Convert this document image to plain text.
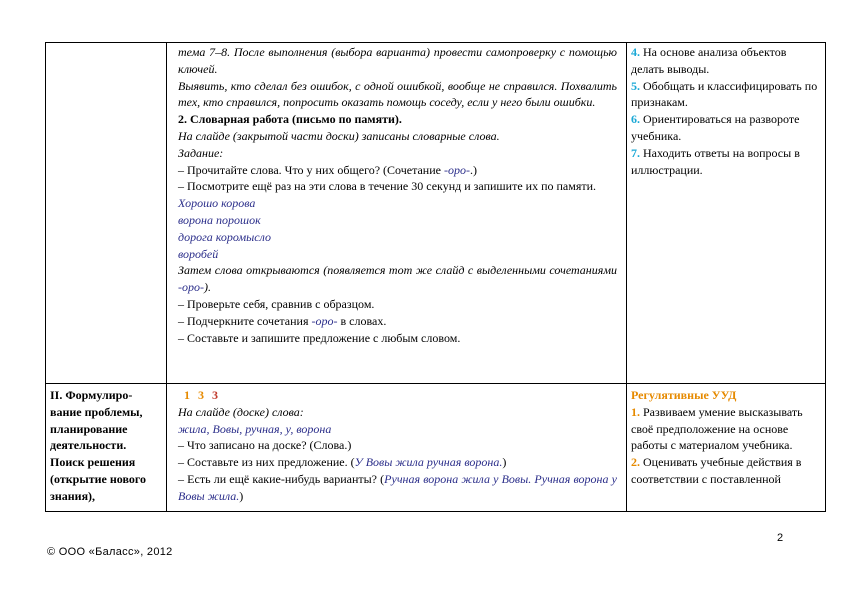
тема 7–8. После выполнения (выбора варианта) провести самопроверку с помощью ключей.

Выявить, кто сделал без ошибок, с одной ошибкой, вообще не справился. Похвалить тех, кто справился, попросить оказать помощь соседу, если у него были ошибки.

2. Словарная работа (письмо по памяти).

На слайде (закрытой части доски) записаны словарные слова.

Задание:

– Прочитайте слова. Что у них общего? (Сочетание -оро-.)

– Посмотрите ещё раз на эти слова в течение 30 секунд и запишите их по памяти.

Хорошо корова

ворона порошок

дорога коромысло

воробей

Затем слова открываются (появляется тот же слайд с выделенными сочетаниями -оро-).

– Проверьте себя, сравнив с образцом.

– Подчеркните сочетания -оро- в словах.

– Составьте и запишите предложение с любым словом.

4. На основе анализа объектов делать выводы.

5. Обобщать и классифицировать по признакам.

6. Ориентироваться на развороте учебника.

7. Находить ответы на вопросы в иллюстрации.

II. Формулиро-вание проблемы, планирование деятельности. Поиск решения (открытие нового знания),

1 3 3

На слайде (доске) слова:

жила, Вовы, ручная, у, ворона

– Что записано на доске? (Слова.)

– Составьте из них предложение. (У Вовы жила ручная ворона.)

– Есть ли ещё какие-нибудь варианты? (Ручная ворона жила у Вовы. Ручная ворона у Вовы жила.)

Регулятивные УУД

1. Развиваем умение высказывать своё предположение на основе работы с материалом учебника.

2. Оценивать учебные действия в соответствии с поставленной

2
© ООО «Баласс», 2012
